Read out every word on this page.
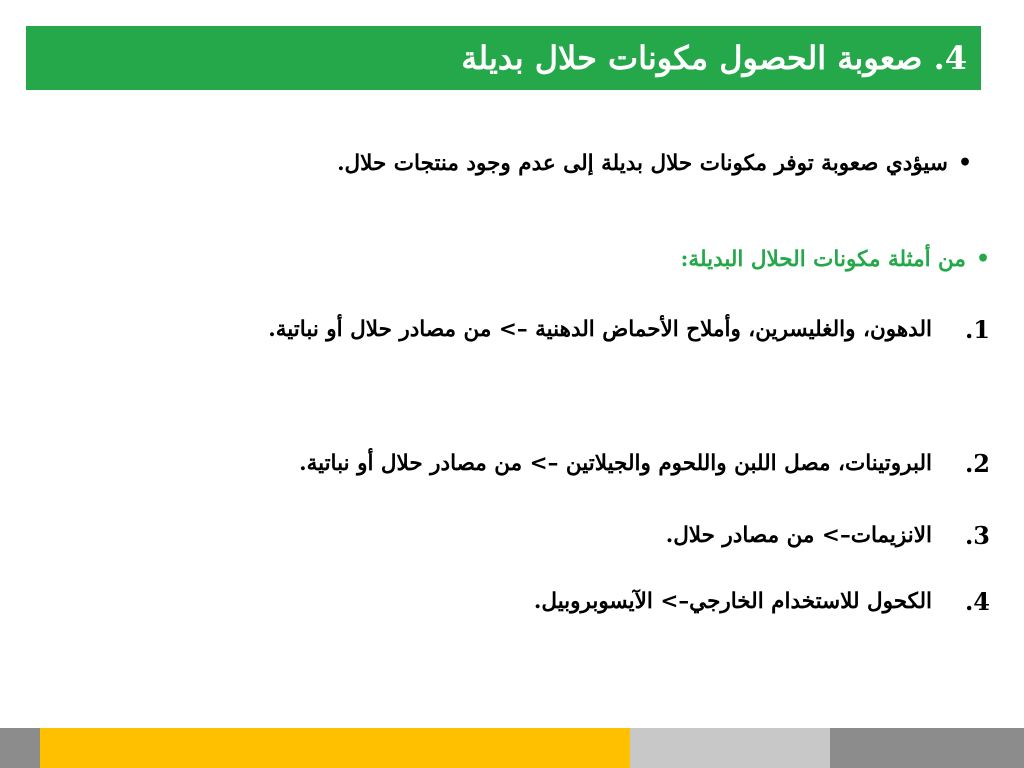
4. صعوبة الحصول مكونات حلال بديلة
•
سيؤدي صعوبة توفر مكونات حلال بديلة إلى عدم وجود منتجات حلال.
•
من أمثلة مكونات الحلال البديلة:
1.
الدهون، والغليسرين، وأملاح الأحماض الدهنية –> من مصادر حلال أو نباتية.
2.
البروتينات، مصل اللبن واللحوم والجيلاتين –> من مصادر حلال أو نباتية.
3.
الانزيمات–> من مصادر حلال.
4.
الكحول للاستخدام الخارجي–> الآيسوبروبيل.
